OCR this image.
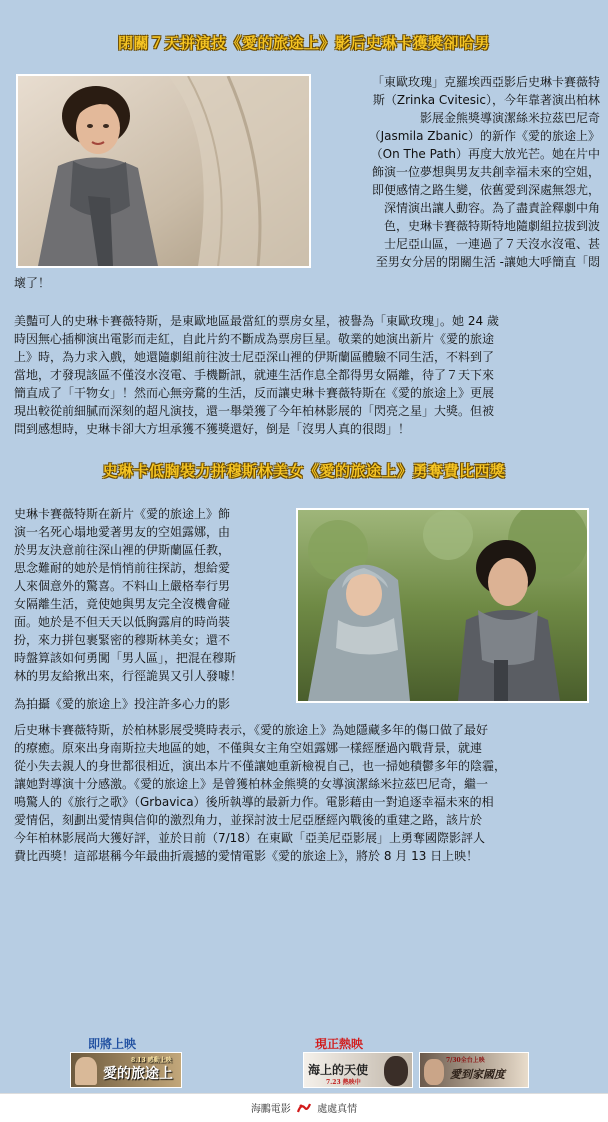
閉關７天拼演技《愛的旅途上》影后史琳卡獲獎卻哈男
「東歐玫瑰」克羅埃西亞影后史琳卡賽薇特
斯（Zrinka Cvitesic），今年靠著演出柏林
影展金熊獎導演潔絲米拉茲巴尼奇
（Jasmila Zbanic）的新作《愛的旅途上》
（On The Path）再度大放光芒。她在片中
飾演一位夢想與男友共創幸福未來的空姐，
即便感情之路生變，依舊愛到深處無怨尤，
深情演出讓人動容。為了盡責詮釋劇中角
色，史琳卡賽薇特斯特地隨劇組拉拔到波
士尼亞山區，一連過了７天沒水沒電、甚
至男女分居的閉關生活 -讓她大呼簡直「悶
壞了！
美豔可人的史琳卡賽薇特斯，是東歐地區最當紅的票房女星，被譽為「東歐玫瑰」。她 24 歲
時因無心插柳演出電影而走紅，自此片約不斷成為票房巨星。敬業的她演出新片《愛的旅途
上》時，為力求入戲，她還隨劇組前往波士尼亞深山裡的伊斯蘭區體驗不同生活，不料到了
當地，才發現該區不僅沒水沒電、手機斷訊，就連生活作息全都得男女隔離，待了７天下來
簡直成了「干物女」！然而心無旁騖的生活，反而讓史琳卡賽薇特斯在《愛的旅途上》更展
現出較從前細膩而深刻的超凡演技，還一舉榮獲了今年柏林影展的「閃亮之星」大獎。但被
問到感想時，史琳卡卻大方坦承獲不獲獎還好，倒是「沒男人真的很悶」！
史琳卡低胸裝力拼穆斯林美女《愛的旅途上》勇奪費比西獎
史琳卡賽薇特斯在新片《愛的旅途上》飾
演一名死心塌地愛著男友的空姐露娜，由
於男友決意前往深山裡的伊斯蘭區任教，
思念難耐的她於是悄悄前往探訪，想給愛
人來個意外的驚喜。不料山上嚴格奉行男
女隔離生活，竟使她與男友完全沒機會碰
面。她於是不但天天以低胸露肩的時尚裝
扮，來力拼包裹緊密的穆斯林美女；還不
時盤算該如何勇闖「男人區」，把混在穆斯
林的男友給揪出來，行徑詭異又引人發噱！
為拍攝《愛的旅途上》投注許多心力的影
后史琳卡賽薇特斯，於柏林影展受獎時表示，《愛的旅途上》為她隱藏多年的傷口做了最好
的療癒。原來出身南斯拉夫地區的她，不僅與女主角空姐露娜一樣經歷過內戰背景，就連
從小失去親人的身世都很相近，演出本片不僅讓她重新檢視自己，也一掃她積鬱多年的陰霾，
讓她對導演十分感激。《愛的旅途上》是曾獲柏林金熊獎的女導演潔絲米拉茲巴尼奇，繼一
鳴驚人的《旅行之歌》（Grbavica）後所執導的最新力作。電影藉由一對追逐幸福未來的相
愛情侶，刻劃出愛情與信仰的激烈角力，並探討波士尼亞歷經內戰後的重建之路，該片於
今年柏林影展尚大獲好評，並於日前（7/18）在東歐「亞美尼亞影展」上勇奪國際影評人
費比西獎！這部堪稱今年最曲折震撼的愛情電影《愛的旅途上》，將於 8 月 13 日上映！
即將上映
愛的旅途上
8.13 感動上映
現正熱映
海上的天使
7.23 熱映中
愛到家國度
7/30全台上映
海鵬電影	處處真情
